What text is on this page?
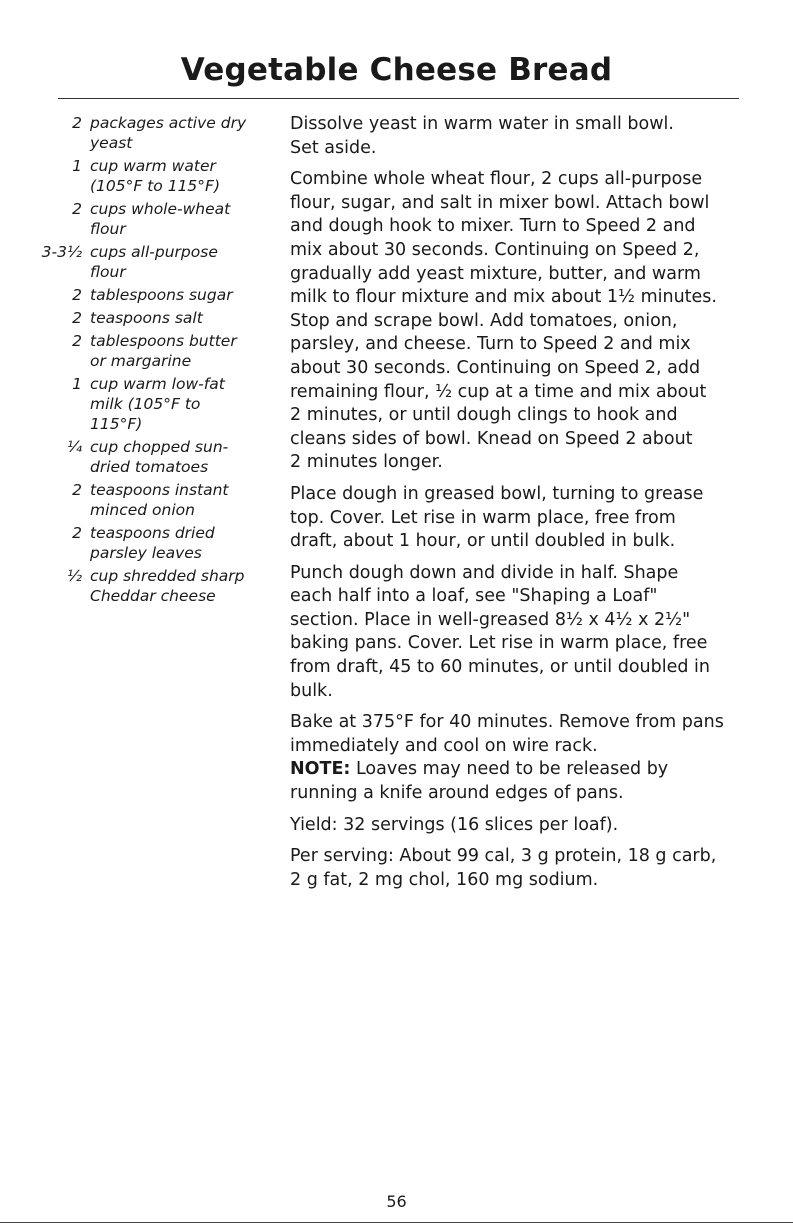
Vegetable Cheese Bread
2 packages active dry
yeast
1 cup warm water
(105°F to 115°F)
2 cups whole-wheat
flour
3-3½ cups all-purpose
flour
2 tablespoons sugar
2 teaspoons salt
2 tablespoons butter
or margarine
1 cup warm low-fat
milk (105°F to
115°F)
¼ cup chopped sun-
dried tomatoes
2 teaspoons instant
minced onion
2 teaspoons dried
parsley leaves
½ cup shredded sharp
Cheddar cheese

Dissolve yeast in warm water in small bowl.
Set aside.

Combine whole wheat flour, 2 cups all-purpose
flour, sugar, and salt in mixer bowl. Attach bowl
and dough hook to mixer. Turn to Speed 2 and
mix about 30 seconds. Continuing on Speed 2,
gradually add yeast mixture, butter, and warm
milk to flour mixture and mix about 1½ minutes.
Stop and scrape bowl. Add tomatoes, onion,
parsley, and cheese. Turn to Speed 2 and mix
about 30 seconds. Continuing on Speed 2, add
remaining flour, ½ cup at a time and mix about
2 minutes, or until dough clings to hook and
cleans sides of bowl. Knead on Speed 2 about
2 minutes longer.

Place dough in greased bowl, turning to grease
top. Cover. Let rise in warm place, free from
draft, about 1 hour, or until doubled in bulk.

Punch dough down and divide in half. Shape
each half into a loaf, see "Shaping a Loaf"
section. Place in well-greased 8½ x 4½ x 2½"
baking pans. Cover. Let rise in warm place, free
from draft, 45 to 60 minutes, or until doubled in
bulk.

Bake at 375°F for 40 minutes. Remove from pans
immediately and cool on wire rack.

NOTE: Loaves may need to be released by
running a knife around edges of pans.

Yield: 32 servings (16 slices per loaf).

Per serving: About 99 cal, 3 g protein, 18 g carb,
2 g fat, 2 mg chol, 160 mg sodium.

56
